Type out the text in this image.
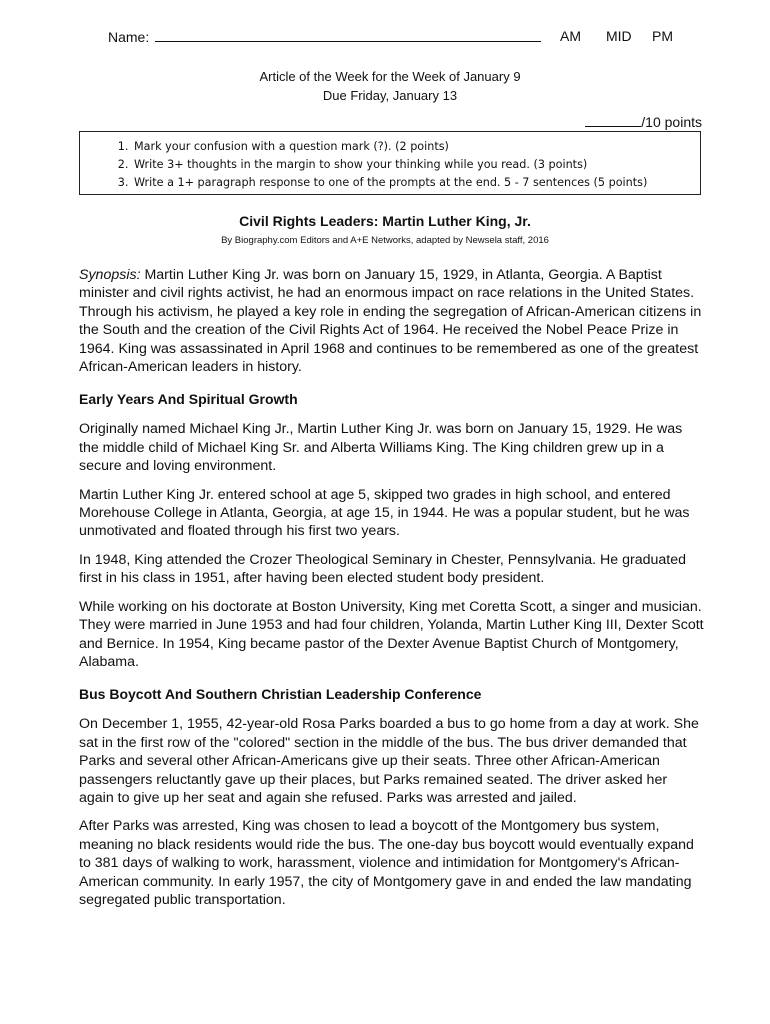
Name:	AM MID PM
Article of the Week for the Week of January 9
Due Friday, January 13
/10 points
1. Mark your confusion with a question mark (?). (2 points)
2. Write 3+ thoughts in the margin to show your thinking while you read. (3 points)
3. Write a 1+ paragraph response to one of the prompts at the end. 5 - 7 sentences (5 points)
Civil Rights Leaders: Martin Luther King, Jr.
By Biography.com Editors and A+E Networks, adapted by Newsela staff, 2016

Synopsis: Martin Luther King Jr. was born on January 15, 1929, in Atlanta, Georgia. A Baptist minister and civil rights activist, he had an enormous impact on race relations in the United States. Through his activism, he played a key role in ending the segregation of African-American citizens in the South and the creation of the Civil Rights Act of 1964. He received the Nobel Peace Prize in 1964. King was assassinated in April 1968 and continues to be remembered as one of the greatest African-American leaders in history.

Early Years And Spiritual Growth

Originally named Michael King Jr., Martin Luther King Jr. was born on January 15, 1929. He was the middle child of Michael King Sr. and Alberta Williams King. The King children grew up in a secure and loving environment.

Martin Luther King Jr. entered school at age 5, skipped two grades in high school, and entered Morehouse College in Atlanta, Georgia, at age 15, in 1944. He was a popular student, but he was unmotivated and floated through his first two years.

In 1948, King attended the Crozer Theological Seminary in Chester, Pennsylvania. He graduated first in his class in 1951, after having been elected student body president.

While working on his doctorate at Boston University, King met Coretta Scott, a singer and musician. They were married in June 1953 and had four children, Yolanda, Martin Luther King III, Dexter Scott and Bernice. In 1954, King became pastor of the Dexter Avenue Baptist Church of Montgomery, Alabama.

Bus Boycott And Southern Christian Leadership Conference

On December 1, 1955, 42-year-old Rosa Parks boarded a bus to go home from a day at work. She sat in the first row of the "colored" section in the middle of the bus. The bus driver demanded that Parks and several other African-Americans give up their seats. Three other African-American passengers reluctantly gave up their places, but Parks remained seated. The driver asked her again to give up her seat and again she refused. Parks was arrested and jailed.

After Parks was arrested, King was chosen to lead a boycott of the Montgomery bus system, meaning no black residents would ride the bus. The one-day bus boycott would eventually expand to 381 days of walking to work, harassment, violence and intimidation for Montgomery's African-American community. In early 1957, the city of Montgomery gave in and ended the law mandating segregated public transportation.
